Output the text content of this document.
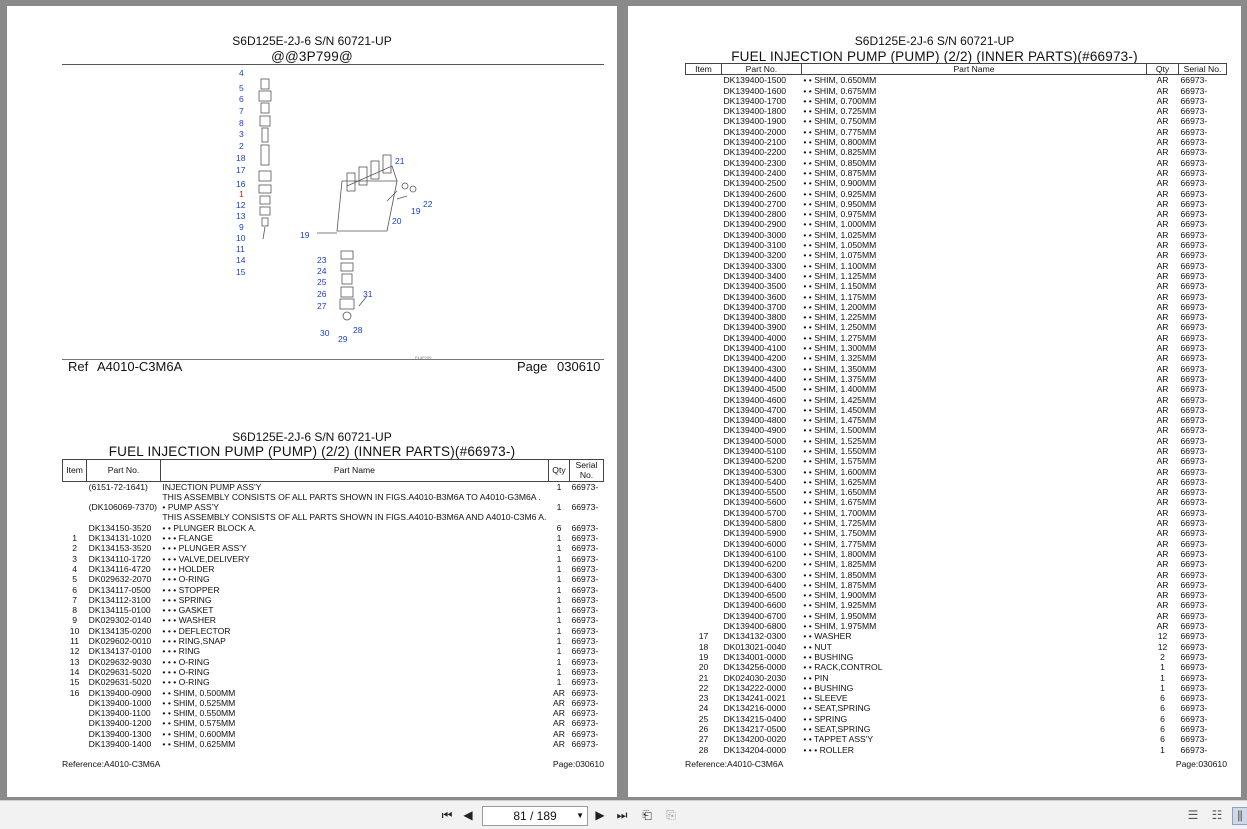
S6D125E-2J-6 S/N 60721-UP
@@3P799@
4
5
6
7
8
3
2
18
17
16
1
12
13
9
10
11
14
15
21
22
19
20
19
23
24
25
26	31
27
30	28
29
P13P799
Ref A4010-C3M6A	Page 030610
S6D125E-2J-6 S/N 60721-UP
FUEL INJECTION PUMP (PUMP) (2/2) (INNER PARTS)(#66973-)
Item	Part No.	Part Name	Qty	Serial No.
	(6151-72-1641)	INJECTION PUMP ASS'Y	1	66973-
		THIS ASSEMBLY CONSISTS OF ALL PARTS SHOWN IN FIGS.A4010-B3M6A TO A4010-G3M6A .		
	(DK106069-7370)	• PUMP ASS'Y	1	66973-
		THIS ASSEMBLY CONSISTS OF ALL PARTS SHOWN IN FIGS.A4010-B3M6A AND A4010-C3M6 A.		
	DK134150-3520	• • PLUNGER BLOCK A.	6	66973-
1	DK134131-1020	• • • FLANGE	1	66973-
2	DK134153-3520	• • • PLUNGER ASS'Y	1	66973-
3	DK134110-1720	• • • VALVE,DELIVERY	1	66973-
4	DK134116-4720	• • • HOLDER	1	66973-
5	DK029632-2070	• • • O-RING	1	66973-
6	DK134117-0500	• • • STOPPER	1	66973-
7	DK134112-3100	• • • SPRING	1	66973-
8	DK134115-0100	• • • GASKET	1	66973-
9	DK029302-0140	• • • WASHER	1	66973-
10	DK134135-0200	• • • DEFLECTOR	1	66973-
11	DK029602-0010	• • • RING,SNAP	1	66973-
12	DK134137-0100	• • • RING	1	66973-
13	DK029632-9030	• • • O-RING	1	66973-
14	DK029631-5020	• • • O-RING	1	66973-
15	DK029631-5020	• • • O-RING	1	66973-
16	DK139400-0900	• • SHIM, 0.500MM	AR	66973-
	DK139400-1000	• • SHIM, 0.525MM	AR	66973-
	DK139400-1100	• • SHIM, 0.550MM	AR	66973-
	DK139400-1200	• • SHIM, 0.575MM	AR	66973-
	DK139400-1300	• • SHIM, 0.600MM	AR	66973-
	DK139400-1400	• • SHIM, 0.625MM	AR	66973-
Reference:A4010-C3M6A	Page:030610
S6D125E-2J-6 S/N 60721-UP
FUEL INJECTION PUMP (PUMP) (2/2) (INNER PARTS)(#66973-)
Item	Part No.	Part Name	Qty	Serial No.
	DK139400-1500	• • SHIM, 0.650MM	AR	66973-
	DK139400-1600	• • SHIM, 0.675MM	AR	66973-
	DK139400-1700	• • SHIM, 0.700MM	AR	66973-
	DK139400-1800	• • SHIM, 0.725MM	AR	66973-
	DK139400-1900	• • SHIM, 0.750MM	AR	66973-
	DK139400-2000	• • SHIM, 0.775MM	AR	66973-
	DK139400-2100	• • SHIM, 0.800MM	AR	66973-
	DK139400-2200	• • SHIM, 0.825MM	AR	66973-
	DK139400-2300	• • SHIM, 0.850MM	AR	66973-
	DK139400-2400	• • SHIM, 0.875MM	AR	66973-
	DK139400-2500	• • SHIM, 0.900MM	AR	66973-
	DK139400-2600	• • SHIM, 0.925MM	AR	66973-
	DK139400-2700	• • SHIM, 0.950MM	AR	66973-
	DK139400-2800	• • SHIM, 0.975MM	AR	66973-
	DK139400-2900	• • SHIM, 1.000MM	AR	66973-
	DK139400-3000	• • SHIM, 1.025MM	AR	66973-
	DK139400-3100	• • SHIM, 1.050MM	AR	66973-
	DK139400-3200	• • SHIM, 1.075MM	AR	66973-
	DK139400-3300	• • SHIM, 1.100MM	AR	66973-
	DK139400-3400	• • SHIM, 1.125MM	AR	66973-
	DK139400-3500	• • SHIM, 1.150MM	AR	66973-
	DK139400-3600	• • SHIM, 1.175MM	AR	66973-
	DK139400-3700	• • SHIM, 1.200MM	AR	66973-
	DK139400-3800	• • SHIM, 1.225MM	AR	66973-
	DK139400-3900	• • SHIM, 1.250MM	AR	66973-
	DK139400-4000	• • SHIM, 1.275MM	AR	66973-
	DK139400-4100	• • SHIM, 1.300MM	AR	66973-
	DK139400-4200	• • SHIM, 1.325MM	AR	66973-
	DK139400-4300	• • SHIM, 1.350MM	AR	66973-
	DK139400-4400	• • SHIM, 1.375MM	AR	66973-
	DK139400-4500	• • SHIM, 1.400MM	AR	66973-
	DK139400-4600	• • SHIM, 1.425MM	AR	66973-
	DK139400-4700	• • SHIM, 1.450MM	AR	66973-
	DK139400-4800	• • SHIM, 1.475MM	AR	66973-
	DK139400-4900	• • SHIM, 1.500MM	AR	66973-
	DK139400-5000	• • SHIM, 1.525MM	AR	66973-
	DK139400-5100	• • SHIM, 1.550MM	AR	66973-
	DK139400-5200	• • SHIM, 1.575MM	AR	66973-
	DK139400-5300	• • SHIM, 1.600MM	AR	66973-
	DK139400-5400	• • SHIM, 1.625MM	AR	66973-
	DK139400-5500	• • SHIM, 1.650MM	AR	66973-
	DK139400-5600	• • SHIM, 1.675MM	AR	66973-
	DK139400-5700	• • SHIM, 1.700MM	AR	66973-
	DK139400-5800	• • SHIM, 1.725MM	AR	66973-
	DK139400-5900	• • SHIM, 1.750MM	AR	66973-
	DK139400-6000	• • SHIM, 1.775MM	AR	66973-
	DK139400-6100	• • SHIM, 1.800MM	AR	66973-
	DK139400-6200	• • SHIM, 1.825MM	AR	66973-
	DK139400-6300	• • SHIM, 1.850MM	AR	66973-
	DK139400-6400	• • SHIM, 1.875MM	AR	66973-
	DK139400-6500	• • SHIM, 1.900MM	AR	66973-
	DK139400-6600	• • SHIM, 1.925MM	AR	66973-
	DK139400-6700	• • SHIM, 1.950MM	AR	66973-
	DK139400-6800	• • SHIM, 1.975MM	AR	66973-
17	DK134132-0300	• • WASHER	12	66973-
18	DK013021-0040	• • NUT	12	66973-
19	DK134001-0000	• • BUSHING	2	66973-
20	DK134256-0000	• • RACK,CONTROL	1	66973-
21	DK024030-2030	• • PIN	1	66973-
22	DK134222-0000	• • BUSHING	1	66973-
23	DK134241-0021	• • SLEEVE	6	66973-
24	DK134216-0000	• • SEAT,SPRING	6	66973-
25	DK134215-0400	• • SPRING	6	66973-
26	DK134217-0500	• • SEAT,SPRING	6	66973-
27	DK134200-0020	• • TAPPET ASS'Y	6	66973-
28	DK134204-0000	• • • ROLLER	1	66973-
Reference:A4010-C3M6A	Page:030610
⏮ ◀	81 / 189 ▼ ▶ ⏭ ⎗ ⎘	☰ ☷	⫼
